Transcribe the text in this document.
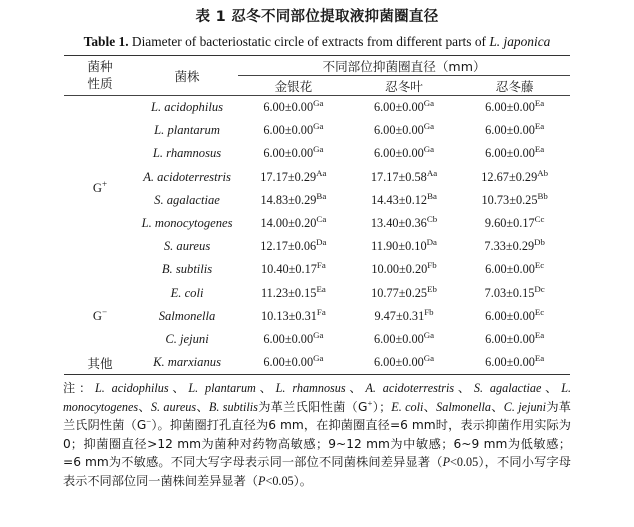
表 1 忍冬不同部位提取液抑菌圈直径
Table 1. Diameter of bacteriostatic circle of extracts from different parts of L. japonica
菌种
性质	菌株	不同部位抑菌圈直径（mm）		
		金银花	忍冬叶	忍冬藤
G+	L. acidophilus	$6.00\pm 0.00^{Ga}$	$6.00\pm 0.00^{Ga}$	$6.00\pm 0.00^{Ea}$
	L. plantarum	$6.00\pm 0.00^{Ga}$	$6.00\pm 0.00^{Ga}$	$6.00\pm 0.00^{Ea}$
	L. rhamnosus	$6.00\pm 0.00^{Ga}$	$6.00\pm 0.00^{Ga}$	$6.00\pm 0.00^{Ea}$
	A. acidoterrestris	$17.17\pm 0.29^{Aa}$	$17.17\pm 0.58^{Aa}$	$12.67\pm 0.29^{Ab}$
	S. agalactiae	$14.83\pm 0.29^{Ba}$	$14.43\pm 0.12^{Ba}$	$10.73\pm 0.25^{Bb}$
	L. monocytogenes	$14.00\pm 0.20^{Ca}$	$13.40\pm 0.36^{Cb}$	$9.60\pm 0.17^{Cc}$
	S. aureus	$12.17\pm 0.06^{Da}$	$11.90\pm 0.10^{Da}$	$7.33\pm 0.29^{Db}$
	B. subtilis	$10.40\pm 0.17^{Fa}$	$10.00\pm 0.20^{Fb}$	$6.00\pm 0.00^{Ec}$
G−	E. coli	$11.23\pm 0.15^{Ea}$	$10.77\pm 0.25^{Eb}$	$7.03\pm 0.15^{Dc}$
	Salmonella	$10.13\pm 0.31^{Fa}$	$9.47\pm 0.31^{Fb}$	$6.00\pm 0.00^{Ec}$
	C. jejuni	$6.00\pm 0.00^{Ga}$	$6.00\pm 0.00^{Ga}$	$6.00\pm 0.00^{Ea}$
其他	K. marxianus	$6.00\pm 0.00^{Ga}$	$6.00\pm 0.00^{Ga}$	$6.00\pm 0.00^{Ea}$
注：L. acidophilus、L. plantarum、L. rhamnosus、A. acidoterrestris、S. agalactiae、L. monocytogenes、S. aureus、B. subtilis为革兰氏阳性菌（G+）；E. coli、Salmonella、C. jejuni为革兰氏阴性菌（G−）。抑菌圈打孔直径为6 mm，在抑菌圈直径=6 mm时，表示抑菌作用实际为0；抑菌圈直径>12 mm为菌种对药物高敏感；9~12 mm为中敏感；6~9 mm为低敏感；=6 mm为不敏感。不同大写字母表示同一部位不同菌株间差异显著（P<0.05），不同小写字母表示不同部位同一菌株间差异显著（P<0.05）。
